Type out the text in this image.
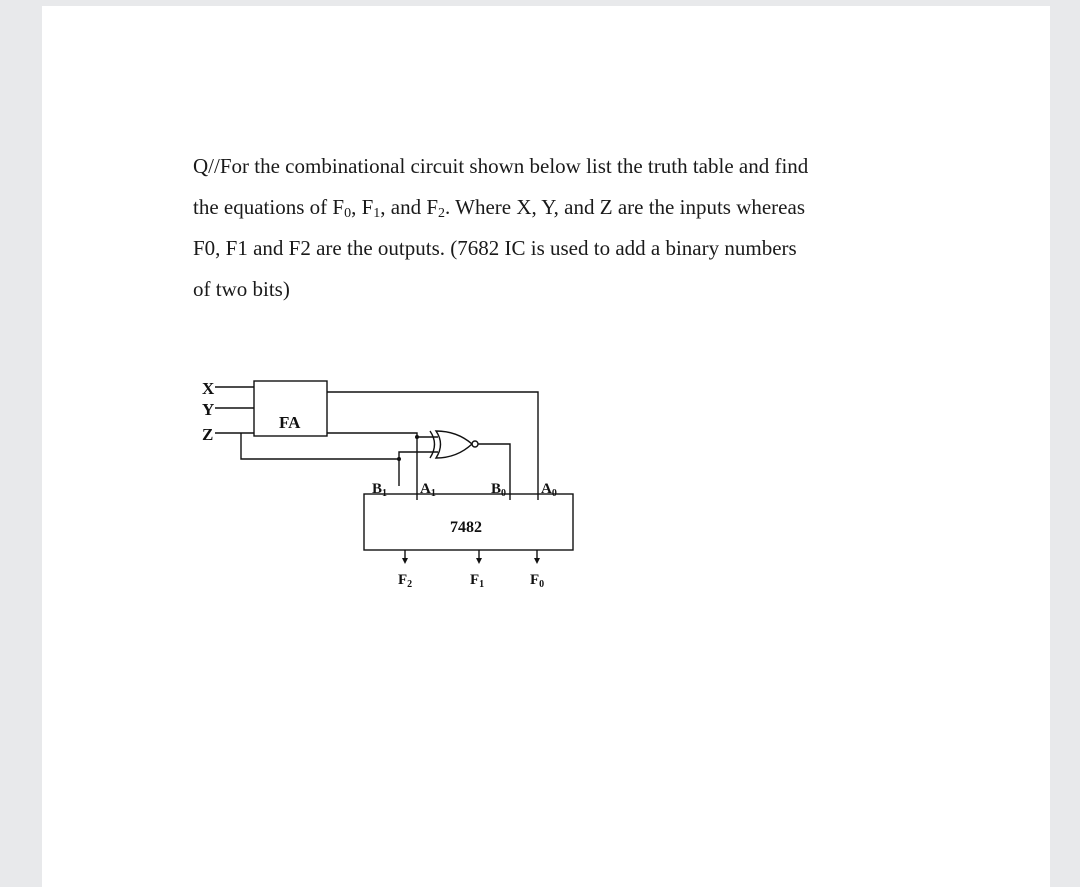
Q//For the combinational circuit shown below list the truth table and find

the equations of $F_0$, $F_1$, and $F_2$. Where X, Y, and Z are the inputs whereas

F0, F1 and F2 are the outputs. (7682 IC is used to add a binary numbers

of two bits)

X
Y
Z
FA
7482
$B_1$ $A_1$	$B_0$ $A_0$
$F_2$	$F_1$	$F_0$
